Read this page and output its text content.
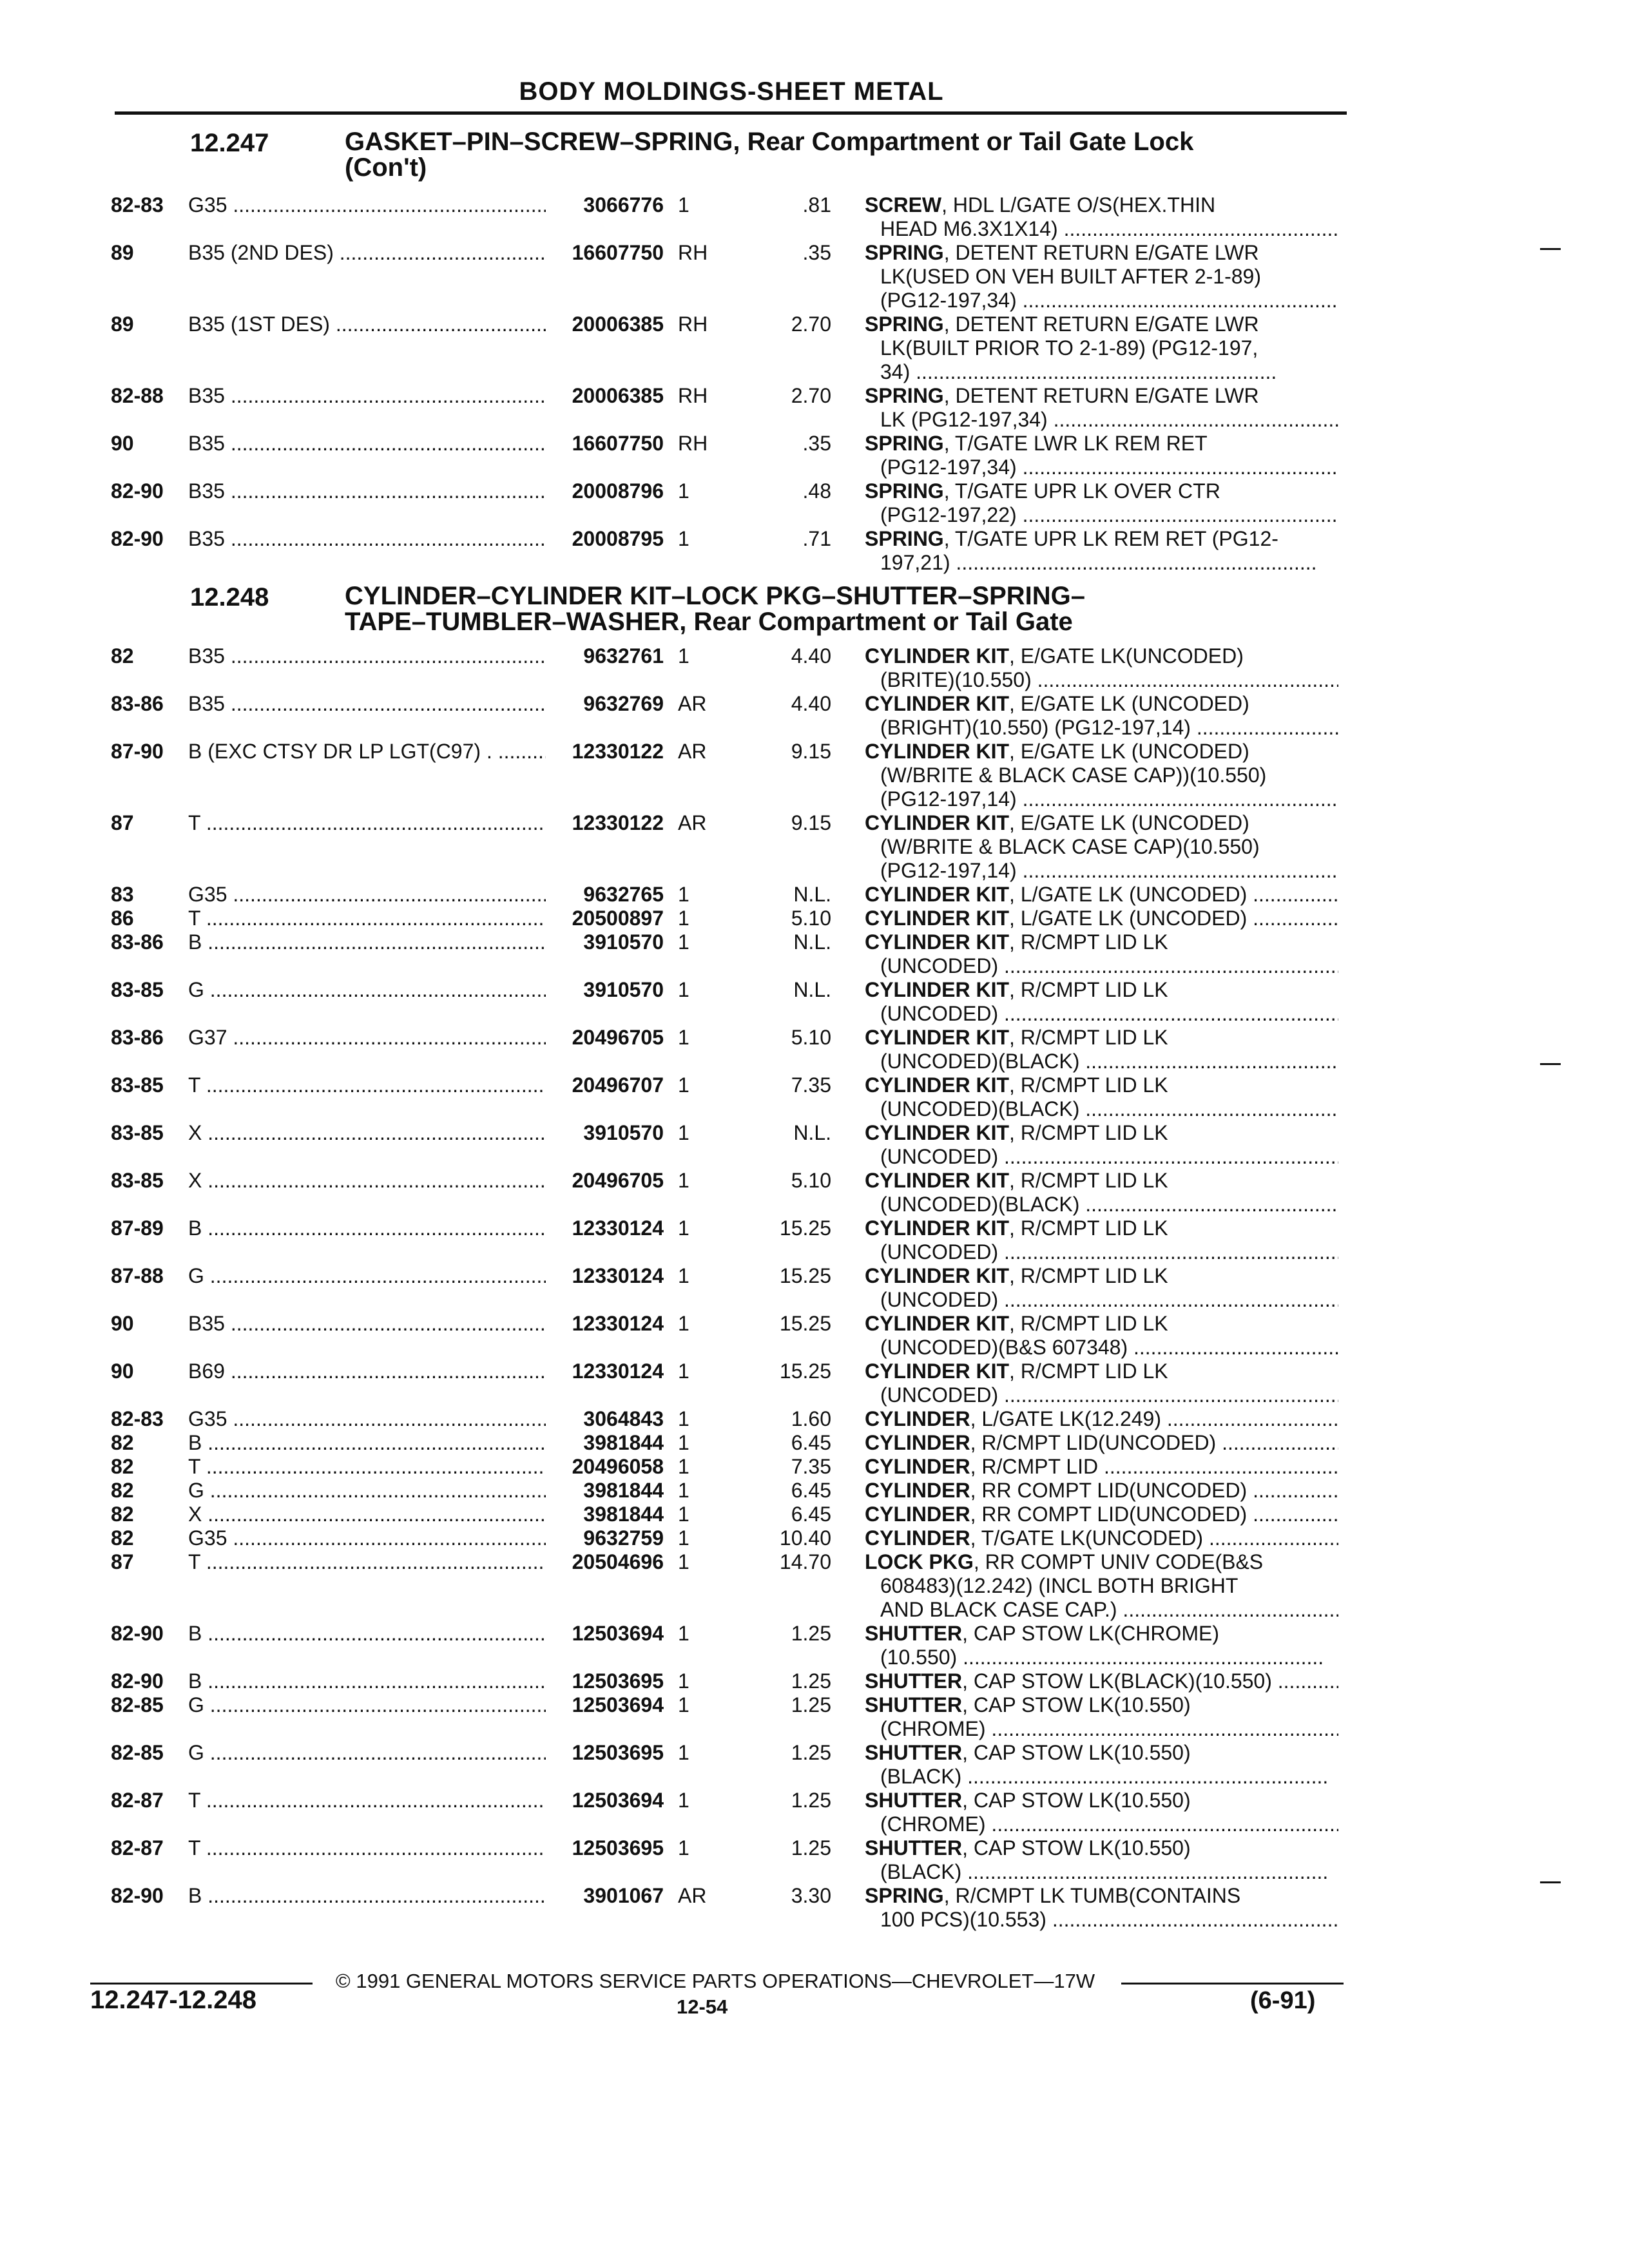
BODY MOLDINGS-SHEET METAL
12.247	GASKET–PIN–SCREW–SPRING, Rear Compartment or Tail Gate Lock
(Con't)
82-83 G35 .....	3066776 1	.81 SCREW, HDL L/GATE O/S(HEX.THIN
HEAD M6.3X1X14) .....
89	B35 (2ND DES) .....	16607750 RH	.35 SPRING, DETENT RETURN E/GATE LWR
LK(USED ON VEH BUILT AFTER 2-1-89)
(PG12-197,34) .....
89	B35 (1ST DES) .....	20006385 RH	2.70 SPRING, DETENT RETURN E/GATE LWR
LK(BUILT PRIOR TO 2-1-89) (PG12-197,
34) .....
82-88 B35 .....	20006385 RH	2.70 SPRING, DETENT RETURN E/GATE LWR
LK (PG12-197,34) .....
90	B35 .....	16607750 RH	.35 SPRING, T/GATE LWR LK REM RET
(PG12-197,34) .....
82-90 B35 .....	20008796 1	.48 SPRING, T/GATE UPR LK OVER CTR
(PG12-197,22) .....
82-90 B35 .....	20008795 1	.71 SPRING, T/GATE UPR LK REM RET (PG12-
197,21) .....
12.248	CYLINDER–CYLINDER KIT–LOCK PKG–SHUTTER–SPRING–
TAPE–TUMBLER–WASHER, Rear Compartment or Tail Gate
82	B35 .....	9632761 1	4.40 CYLINDER KIT, E/GATE LK(UNCODED)
(BRITE)(10.550) .....
83-86 B35 .....	9632769 AR	4.40 CYLINDER KIT, E/GATE LK (UNCODED)
(BRIGHT)(10.550) (PG12-197,14) .....
87-90 B (EXC CTSY DR LP LGT(C97) . .....	12330122 AR	9.15 CYLINDER KIT, E/GATE LK (UNCODED)
(W/BRITE & BLACK CASE CAP))(10.550)
(PG12-197,14) .....
87	T .....	12330122 AR	9.15 CYLINDER KIT, E/GATE LK (UNCODED)
(W/BRITE & BLACK CASE CAP)(10.550)
(PG12-197,14) .....
83	G35 .....	9632765 1	N.L. CYLINDER KIT, L/GATE LK (UNCODED) .....
86	T .....	20500897 1	5.10 CYLINDER KIT, L/GATE LK (UNCODED) .....
83-86 B .....	3910570 1	N.L. CYLINDER KIT, R/CMPT LID LK
(UNCODED) .....
83-85 G .....	3910570 1	N.L. CYLINDER KIT, R/CMPT LID LK
(UNCODED) .....
83-86 G37 .....	20496705 1	5.10 CYLINDER KIT, R/CMPT LID LK
(UNCODED)(BLACK) .....
83-85 T .....	20496707 1	7.35 CYLINDER KIT, R/CMPT LID LK
(UNCODED)(BLACK) .....
83-85 X .....	3910570 1	N.L. CYLINDER KIT, R/CMPT LID LK
(UNCODED) .....
83-85 X .....	20496705 1	5.10 CYLINDER KIT, R/CMPT LID LK
(UNCODED)(BLACK) .....
87-89 B .....	12330124 1	15.25 CYLINDER KIT, R/CMPT LID LK
(UNCODED) .....
87-88 G .....	12330124 1	15.25 CYLINDER KIT, R/CMPT LID LK
(UNCODED) .....
90	B35 .....	12330124 1	15.25 CYLINDER KIT, R/CMPT LID LK
(UNCODED)(B&S 607348) .....
90	B69 .....	12330124 1	15.25 CYLINDER KIT, R/CMPT LID LK
(UNCODED) .....
82-83 G35 .....	3064843 1	1.60 CYLINDER, L/GATE LK(12.249) .....
82	B .....	3981844 1	6.45 CYLINDER, R/CMPT LID(UNCODED) .....
82	T .....	20496058 1	7.35 CYLINDER, R/CMPT LID .....
82	G .....	3981844 1	6.45 CYLINDER, RR COMPT LID(UNCODED) .....
82	X .....	3981844 1	6.45 CYLINDER, RR COMPT LID(UNCODED) .....
82	G35 .....	9632759 1	10.40 CYLINDER, T/GATE LK(UNCODED) .....
87	T .....	20504696 1	14.70 LOCK PKG, RR COMPT UNIV CODE(B&S
608483)(12.242) (INCL BOTH BRIGHT
AND BLACK CASE CAP.) .....
82-90 B .....	12503694 1	1.25 SHUTTER, CAP STOW LK(CHROME)
(10.550) .....
82-90 B .....	12503695 1	1.25 SHUTTER, CAP STOW LK(BLACK)(10.550) .....
82-85 G .....	12503694 1	1.25 SHUTTER, CAP STOW LK(10.550)
(CHROME) .....
82-85 G .....	12503695 1	1.25 SHUTTER, CAP STOW LK(10.550)
(BLACK) .....
82-87 T .....	12503694 1	1.25 SHUTTER, CAP STOW LK(10.550)
(CHROME) .....
82-87 T .....	12503695 1	1.25 SHUTTER, CAP STOW LK(10.550)
(BLACK) .....
82-90 B .....	3901067 AR	3.30 SPRING, R/CMPT LK TUMB(CONTAINS
100 PCS)(10.553) .....
© 1991 GENERAL MOTORS SERVICE PARTS OPERATIONS—CHEVROLET—17W
12.247-12.248	12-54	(6-91)
